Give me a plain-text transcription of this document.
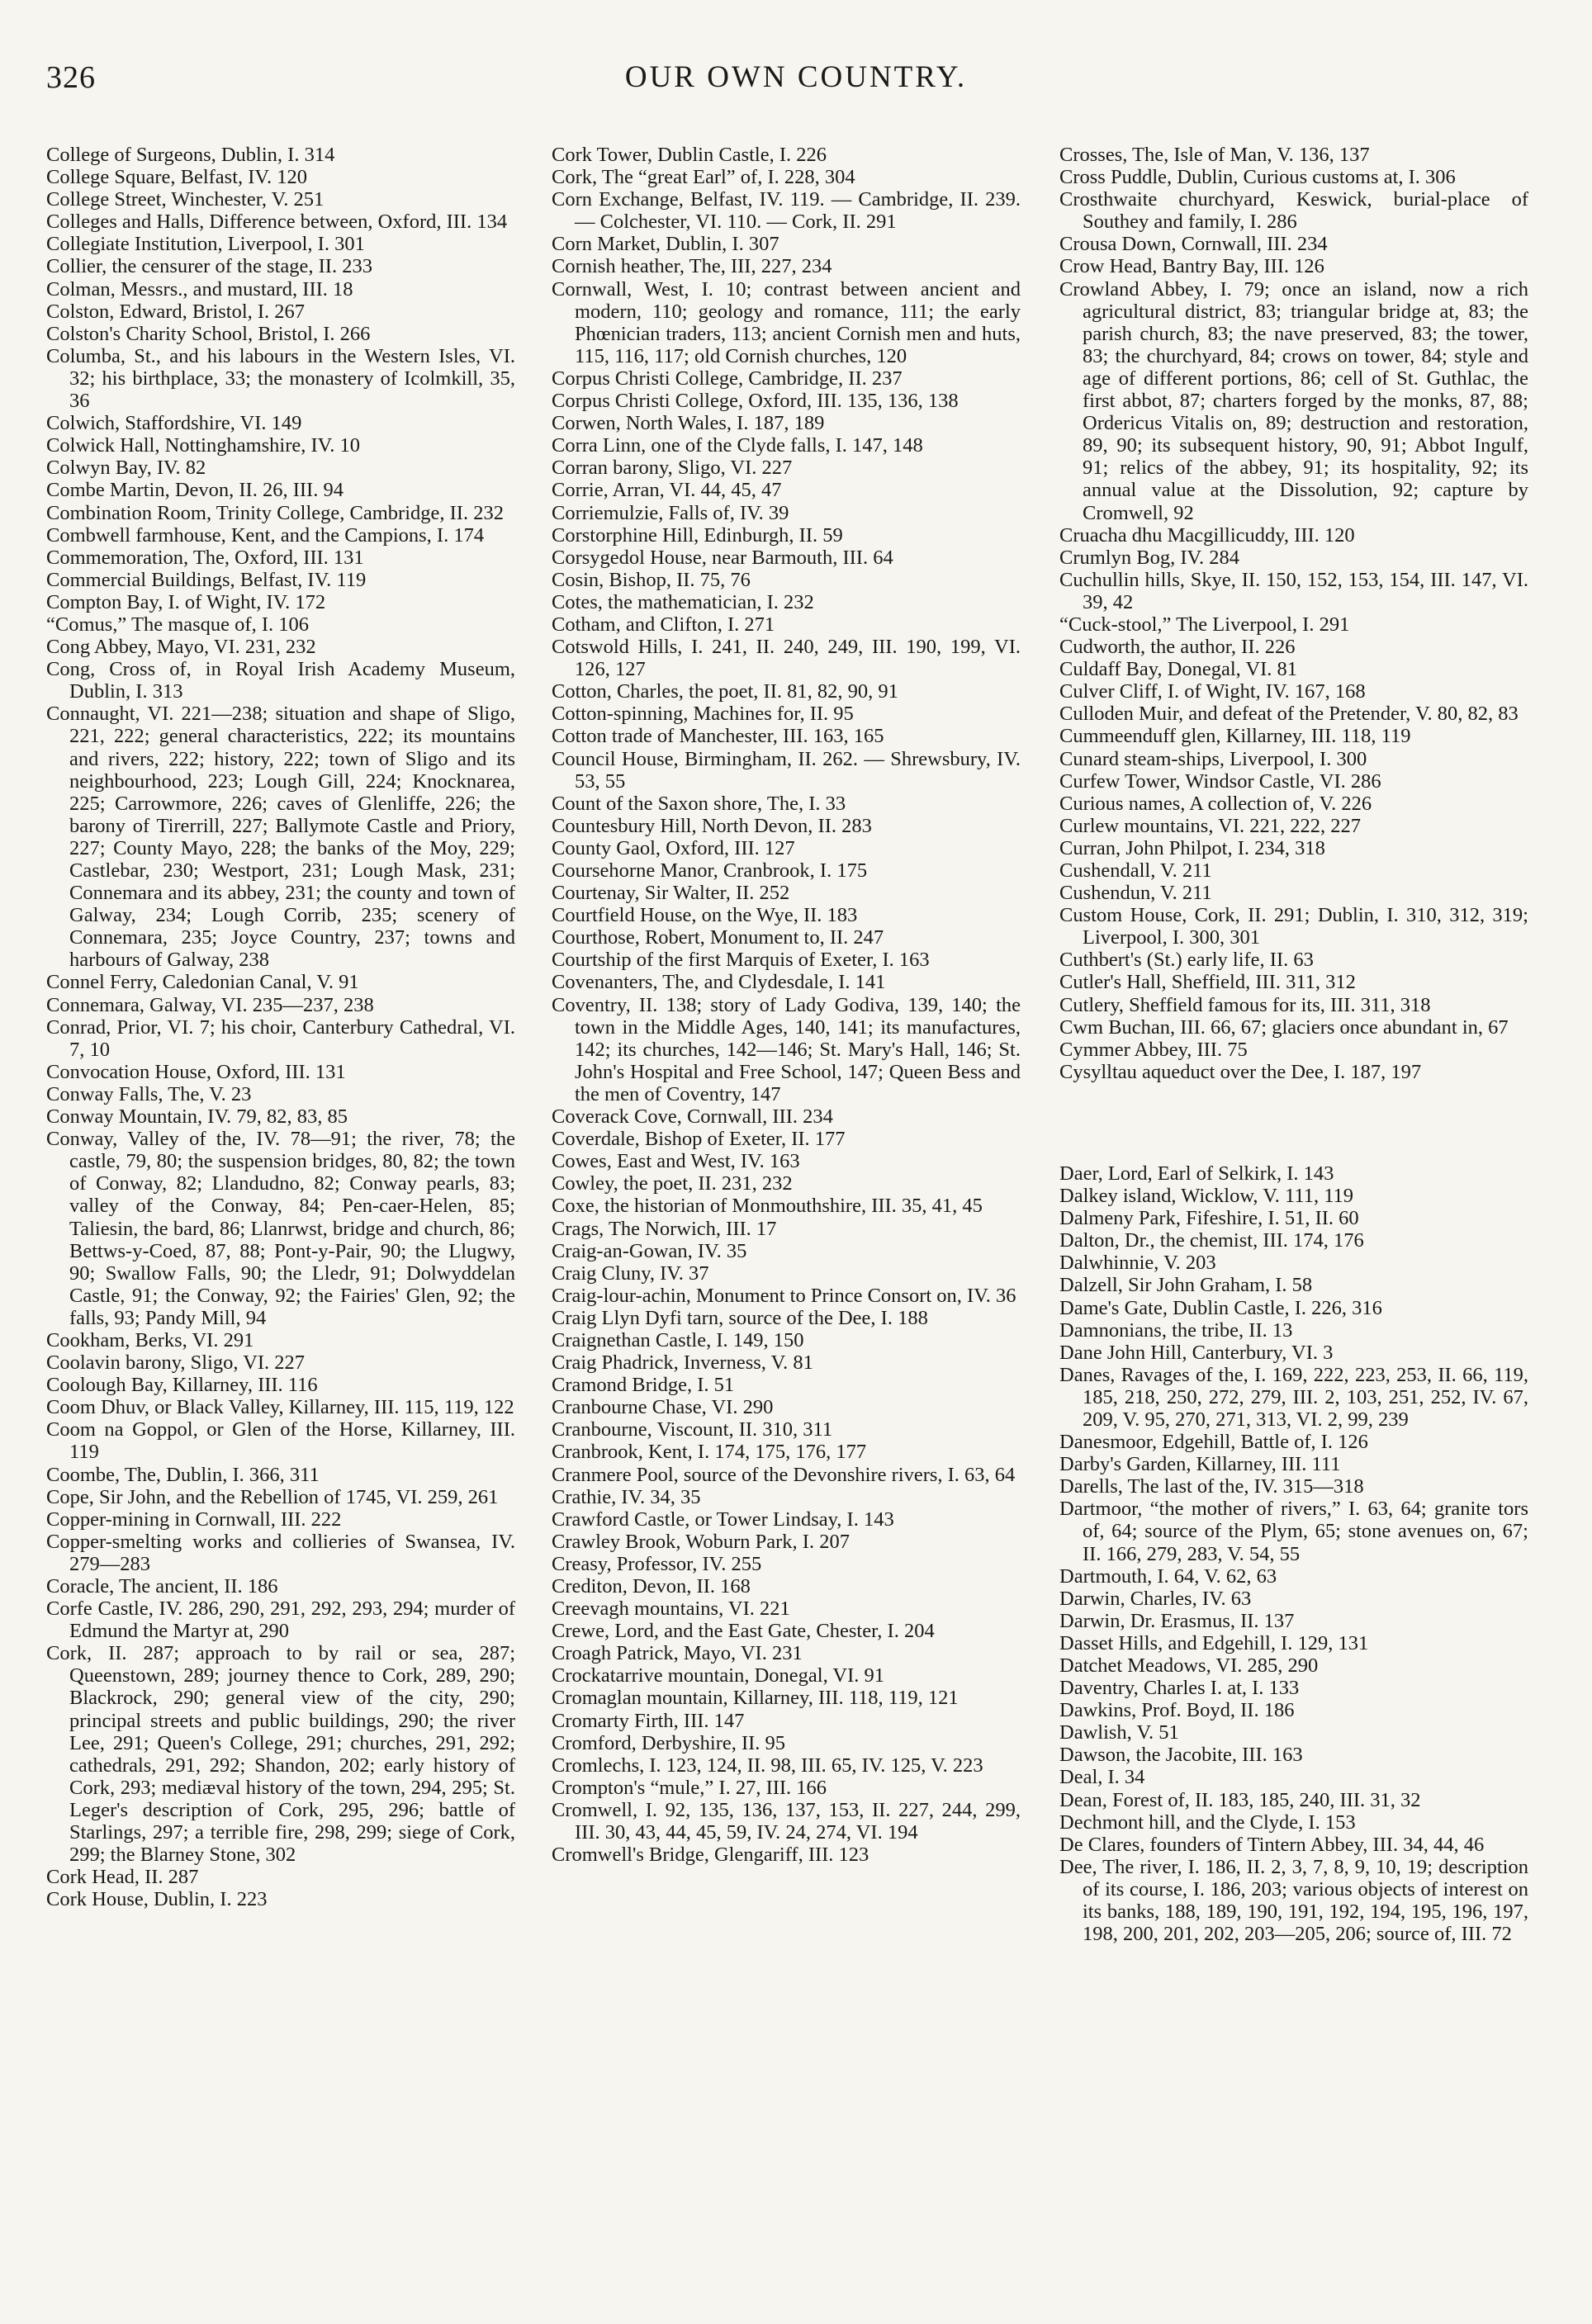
326	OUR OWN COUNTRY.
College of Surgeons, Dublin, I. 314
College Square, Belfast, IV. 120
College Street, Winchester, V. 251
Colleges and Halls, Difference between, Oxford, III. 134
Collegiate Institution, Liverpool, I. 301
Collier, the censurer of the stage, II. 233
Colman, Messrs., and mustard, III. 18
Colston, Edward, Bristol, I. 267
Colston's Charity School, Bristol, I. 266
Columba, St., and his labours in the Western Isles, VI. 32; his birthplace, 33; the monastery of Icolmkill, 35, 36
Colwich, Staffordshire, VI. 149
Colwick Hall, Nottinghamshire, IV. 10
Colwyn Bay, IV. 82
Combe Martin, Devon, II. 26, III. 94
Combination Room, Trinity College, Cambridge, II. 232
Combwell farmhouse, Kent, and the Campions, I. 174
Commemoration, The, Oxford, III. 131
Commercial Buildings, Belfast, IV. 119
Compton Bay, I. of Wight, IV. 172
“Comus,” The masque of, I. 106
Cong Abbey, Mayo, VI. 231, 232
Cong, Cross of, in Royal Irish Academy Museum, Dublin, I. 313
Connaught, VI. 221—238; situation and shape of Sligo, 221, 222; general characteristics, 222; its mountains and rivers, 222; history, 222; town of Sligo and its neighbourhood, 223; Lough Gill, 224; Knocknarea, 225; Carrowmore, 226; caves of Glenliffe, 226; the barony of Tirerrill, 227; Ballymote Castle and Priory, 227; County Mayo, 228; the banks of the Moy, 229; Castlebar, 230; Westport, 231; Lough Mask, 231; Connemara and its abbey, 231; the county and town of Galway, 234; Lough Corrib, 235; scenery of Connemara, 235; Joyce Country, 237; towns and harbours of Galway, 238
Connel Ferry, Caledonian Canal, V. 91
Connemara, Galway, VI. 235—237, 238
Conrad, Prior, VI. 7; his choir, Canterbury Cathedral, VI. 7, 10
Convocation House, Oxford, III. 131
Conway Falls, The, V. 23
Conway Mountain, IV. 79, 82, 83, 85
Conway, Valley of the, IV. 78—91; the river, 78; the castle, 79, 80; the suspension bridges, 80, 82; the town of Conway, 82; Llandudno, 82; Conway pearls, 83; valley of the Conway, 84; Pen-caer-Helen, 85; Taliesin, the bard, 86; Llanrwst, bridge and church, 86; Bettws-y-Coed, 87, 88; Pont-y-Pair, 90; the Llugwy, 90; Swallow Falls, 90; the Lledr, 91; Dolwyddelan Castle, 91; the Conway, 92; the Fairies' Glen, 92; the falls, 93; Pandy Mill, 94
Cookham, Berks, VI. 291
Coolavin barony, Sligo, VI. 227
Coolough Bay, Killarney, III. 116
Coom Dhuv, or Black Valley, Killarney, III. 115, 119, 122
Coom na Goppol, or Glen of the Horse, Killarney, III. 119
Coombe, The, Dublin, I. 366, 311
Cope, Sir John, and the Rebellion of 1745, VI. 259, 261
Copper-mining in Cornwall, III. 222
Copper-smelting works and collieries of Swansea, IV. 279—283
Coracle, The ancient, II. 186
Corfe Castle, IV. 286, 290, 291, 292, 293, 294; murder of Edmund the Martyr at, 290
Cork, II. 287; approach to by rail or sea, 287; Queenstown, 289; journey thence to Cork, 289, 290; Blackrock, 290; general view of the city, 290; principal streets and public buildings, 290; the river Lee, 291; Queen's College, 291; churches, 291, 292; cathedrals, 291, 292; Shandon, 202; early history of Cork, 293; mediæval history of the town, 294, 295; St. Leger's description of Cork, 295, 296; battle of Starlings, 297; a terrible fire, 298, 299; siege of Cork, 299; the Blarney Stone, 302
Cork Head, II. 287
Cork House, Dublin, I. 223
Cork Tower, Dublin Castle, I. 226
Cork, The “great Earl” of, I. 228, 304
Corn Exchange, Belfast, IV. 119. — Cambridge, II. 239. — Colchester, VI. 110. — Cork, II. 291
Corn Market, Dublin, I. 307
Cornish heather, The, III, 227, 234
Cornwall, West, I. 10; contrast between ancient and modern, 110; geology and romance, 111; the early Phœnician traders, 113; ancient Cornish men and huts, 115, 116, 117; old Cornish churches, 120
Corpus Christi College, Cambridge, II. 237
Corpus Christi College, Oxford, III. 135, 136, 138
Corwen, North Wales, I. 187, 189
Corra Linn, one of the Clyde falls, I. 147, 148
Corran barony, Sligo, VI. 227
Corrie, Arran, VI. 44, 45, 47
Corriemulzie, Falls of, IV. 39
Corstorphine Hill, Edinburgh, II. 59
Corsygedol House, near Barmouth, III. 64
Cosin, Bishop, II. 75, 76
Cotes, the mathematician, I. 232
Cotham, and Clifton, I. 271
Cotswold Hills, I. 241, II. 240, 249, III. 190, 199, VI. 126, 127
Cotton, Charles, the poet, II. 81, 82, 90, 91
Cotton-spinning, Machines for, II. 95
Cotton trade of Manchester, III. 163, 165
Council House, Birmingham, II. 262. — Shrewsbury, IV. 53, 55
Count of the Saxon shore, The, I. 33
Countesbury Hill, North Devon, II. 283
County Gaol, Oxford, III. 127
Coursehorne Manor, Cranbrook, I. 175
Courtenay, Sir Walter, II. 252
Courtfield House, on the Wye, II. 183
Courthose, Robert, Monument to, II. 247
Courtship of the first Marquis of Exeter, I. 163
Covenanters, The, and Clydesdale, I. 141
Coventry, II. 138; story of Lady Godiva, 139, 140; the town in the Middle Ages, 140, 141; its manufactures, 142; its churches, 142—146; St. Mary's Hall, 146; St. John's Hospital and Free School, 147; Queen Bess and the men of Coventry, 147
Coverack Cove, Cornwall, III. 234
Coverdale, Bishop of Exeter, II. 177
Cowes, East and West, IV. 163
Cowley, the poet, II. 231, 232
Coxe, the historian of Monmouthshire, III. 35, 41, 45
Crags, The Norwich, III. 17
Craig-an-Gowan, IV. 35
Craig Cluny, IV. 37
Craig-lour-achin, Monument to Prince Consort on, IV. 36
Craig Llyn Dyfi tarn, source of the Dee, I. 188
Craignethan Castle, I. 149, 150
Craig Phadrick, Inverness, V. 81
Cramond Bridge, I. 51
Cranbourne Chase, VI. 290
Cranbourne, Viscount, II. 310, 311
Cranbrook, Kent, I. 174, 175, 176, 177
Cranmere Pool, source of the Devonshire rivers, I. 63, 64
Crathie, IV. 34, 35
Crawford Castle, or Tower Lindsay, I. 143
Crawley Brook, Woburn Park, I. 207
Creasy, Professor, IV. 255
Crediton, Devon, II. 168
Creevagh mountains, VI. 221
Crewe, Lord, and the East Gate, Chester, I. 204
Croagh Patrick, Mayo, VI. 231
Crockatarrive mountain, Donegal, VI. 91
Cromaglan mountain, Killarney, III. 118, 119, 121
Cromarty Firth, III. 147
Cromford, Derbyshire, II. 95
Cromlechs, I. 123, 124, II. 98, III. 65, IV. 125, V. 223
Crompton's “mule,” I. 27, III. 166
Cromwell, I. 92, 135, 136, 137, 153, II. 227, 244, 299, III. 30, 43, 44, 45, 59, IV. 24, 274, VI. 194
Cromwell's Bridge, Glengariff, III. 123
Crosses, The, Isle of Man, V. 136, 137
Cross Puddle, Dublin, Curious customs at, I. 306
Crosthwaite churchyard, Keswick, burial-place of Southey and family, I. 286
Crousa Down, Cornwall, III. 234
Crow Head, Bantry Bay, III. 126
Crowland Abbey, I. 79; once an island, now a rich agricultural district, 83; triangular bridge at, 83; the parish church, 83; the nave preserved, 83; the tower, 83; the churchyard, 84; crows on tower, 84; style and age of different portions, 86; cell of St. Guthlac, the first abbot, 87; charters forged by the monks, 87, 88; Ordericus Vitalis on, 89; destruction and restoration, 89, 90; its subsequent history, 90, 91; Abbot Ingulf, 91; relics of the abbey, 91; its hospitality, 92; its annual value at the Dissolution, 92; capture by Cromwell, 92
Cruacha dhu Macgillicuddy, III. 120
Crumlyn Bog, IV. 284
Cuchullin hills, Skye, II. 150, 152, 153, 154, III. 147, VI. 39, 42
“Cuck-stool,” The Liverpool, I. 291
Cudworth, the author, II. 226
Culdaff Bay, Donegal, VI. 81
Culver Cliff, I. of Wight, IV. 167, 168
Culloden Muir, and defeat of the Pretender, V. 80, 82, 83
Cummeenduff glen, Killarney, III. 118, 119
Cunard steam-ships, Liverpool, I. 300
Curfew Tower, Windsor Castle, VI. 286
Curious names, A collection of, V. 226
Curlew mountains, VI. 221, 222, 227
Curran, John Philpot, I. 234, 318
Cushendall, V. 211
Cushendun, V. 211
Custom House, Cork, II. 291; Dublin, I. 310, 312, 319; Liverpool, I. 300, 301
Cuthbert's (St.) early life, II. 63
Cutler's Hall, Sheffield, III. 311, 312
Cutlery, Sheffield famous for its, III. 311, 318
Cwm Buchan, III. 66, 67; glaciers once abundant in, 67
Cymmer Abbey, III. 75
Cysylltau aqueduct over the Dee, I. 187, 197
Daer, Lord, Earl of Selkirk, I. 143
Dalkey island, Wicklow, V. 111, 119
Dalmeny Park, Fifeshire, I. 51, II. 60
Dalton, Dr., the chemist, III. 174, 176
Dalwhinnie, V. 203
Dalzell, Sir John Graham, I. 58
Dame's Gate, Dublin Castle, I. 226, 316
Damnonians, the tribe, II. 13
Dane John Hill, Canterbury, VI. 3
Danes, Ravages of the, I. 169, 222, 223, 253, II. 66, 119, 185, 218, 250, 272, 279, III. 2, 103, 251, 252, IV. 67, 209, V. 95, 270, 271, 313, VI. 2, 99, 239
Danesmoor, Edgehill, Battle of, I. 126
Darby's Garden, Killarney, III. 111
Darells, The last of the, IV. 315—318
Dartmoor, “the mother of rivers,” I. 63, 64; granite tors of, 64; source of the Plym, 65; stone avenues on, 67; II. 166, 279, 283, V. 54, 55
Dartmouth, I. 64, V. 62, 63
Darwin, Charles, IV. 63
Darwin, Dr. Erasmus, II. 137
Dasset Hills, and Edgehill, I. 129, 131
Datchet Meadows, VI. 285, 290
Daventry, Charles I. at, I. 133
Dawkins, Prof. Boyd, II. 186
Dawlish, V. 51
Dawson, the Jacobite, III. 163
Deal, I. 34
Dean, Forest of, II. 183, 185, 240, III. 31, 32
Dechmont hill, and the Clyde, I. 153
De Clares, founders of Tintern Abbey, III. 34, 44, 46
Dee, The river, I. 186, II. 2, 3, 7, 8, 9, 10, 19; description of its course, I. 186, 203; various objects of interest on its banks, 188, 189, 190, 191, 192, 194, 195, 196, 197, 198, 200, 201, 202, 203—205, 206; source of, III. 72
